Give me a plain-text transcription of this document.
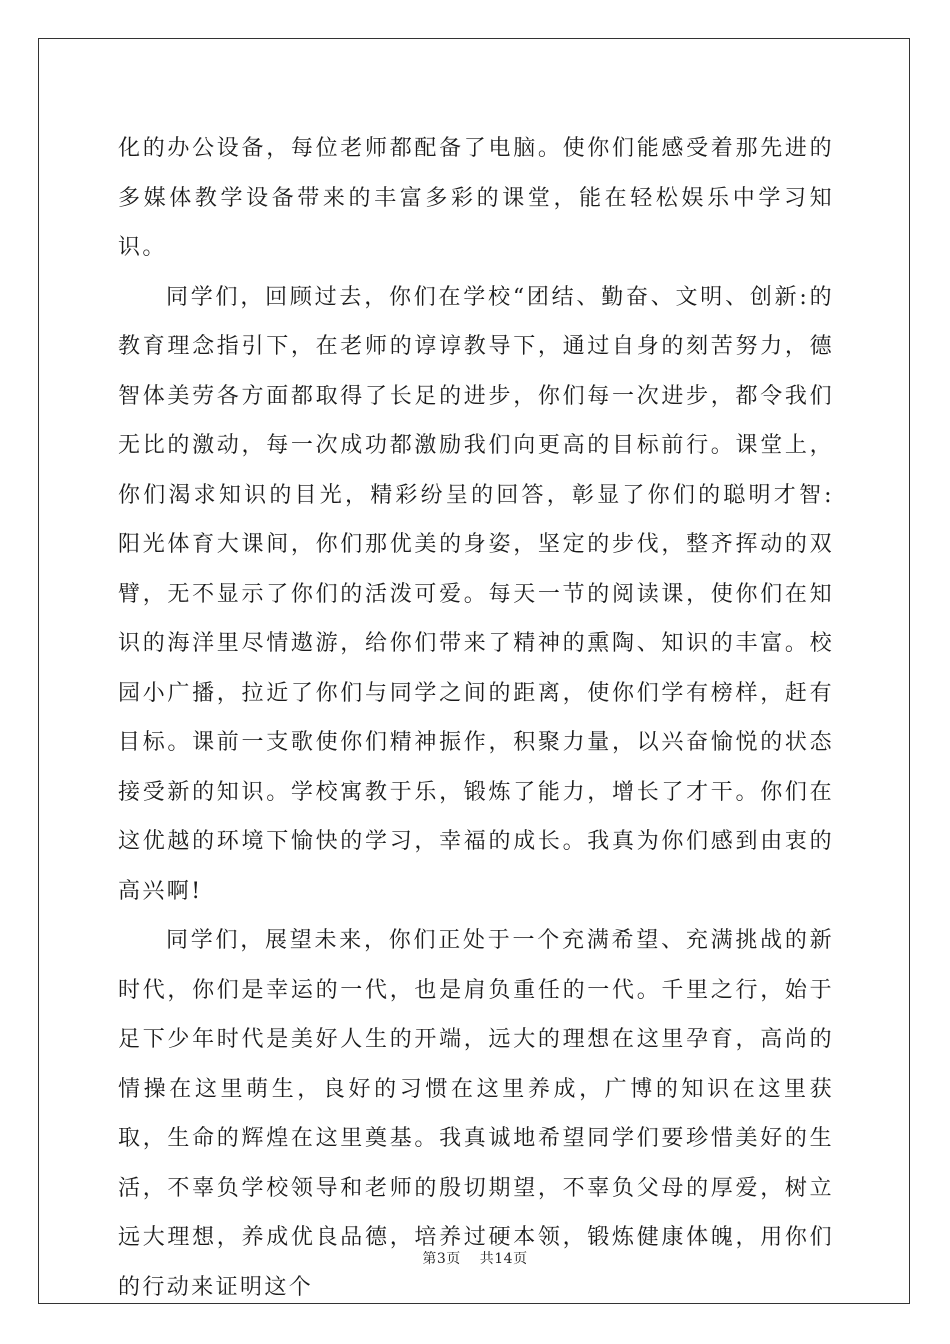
化的办公设备，每位老师都配备了电脑。使你们能感受着那先进的多媒体教学设备带来的丰富多彩的课堂，能在轻松娱乐中学习知识。

同学们，回顾过去，你们在学校“团结、勤奋、文明、创新:的教育理念指引下，在老师的谆谆教导下，通过自身的刻苦努力，德智体美劳各方面都取得了长足的进步，你们每一次进步，都令我们无比的激动，每一次成功都激励我们向更高的目标前行。课堂上，你们渴求知识的目光，精彩纷呈的回答，彰显了你们的聪明才智:阳光体育大课间，你们那优美的身姿，坚定的步伐，整齐挥动的双臂，无不显示了你们的活泼可爱。每天一节的阅读课，使你们在知识的海洋里尽情遨游，给你们带来了精神的熏陶、知识的丰富。校园小广播，拉近了你们与同学之间的距离，使你们学有榜样，赶有目标。课前一支歌使你们精神振作，积聚力量，以兴奋愉悦的状态接受新的知识。学校寓教于乐，锻炼了能力，增长了才干。你们在这优越的环境下愉快的学习，幸福的成长。我真为你们感到由衷的高兴啊!

同学们，展望未来，你们正处于一个充满希望、充满挑战的新时代，你们是幸运的一代，也是肩负重任的一代。千里之行，始于足下少年时代是美好人生的开端，远大的理想在这里孕育，高尚的情操在这里萌生，良好的习惯在这里养成，广博的知识在这里获取，生命的辉煌在这里奠基。我真诚地希望同学们要珍惜美好的生活，不辜负学校领导和老师的殷切期望，不辜负父母的厚爱，树立远大理想，养成优良品德，培养过硬本领，锻炼健康体魄，用你们的行动来证明这个

第3页 共14页
